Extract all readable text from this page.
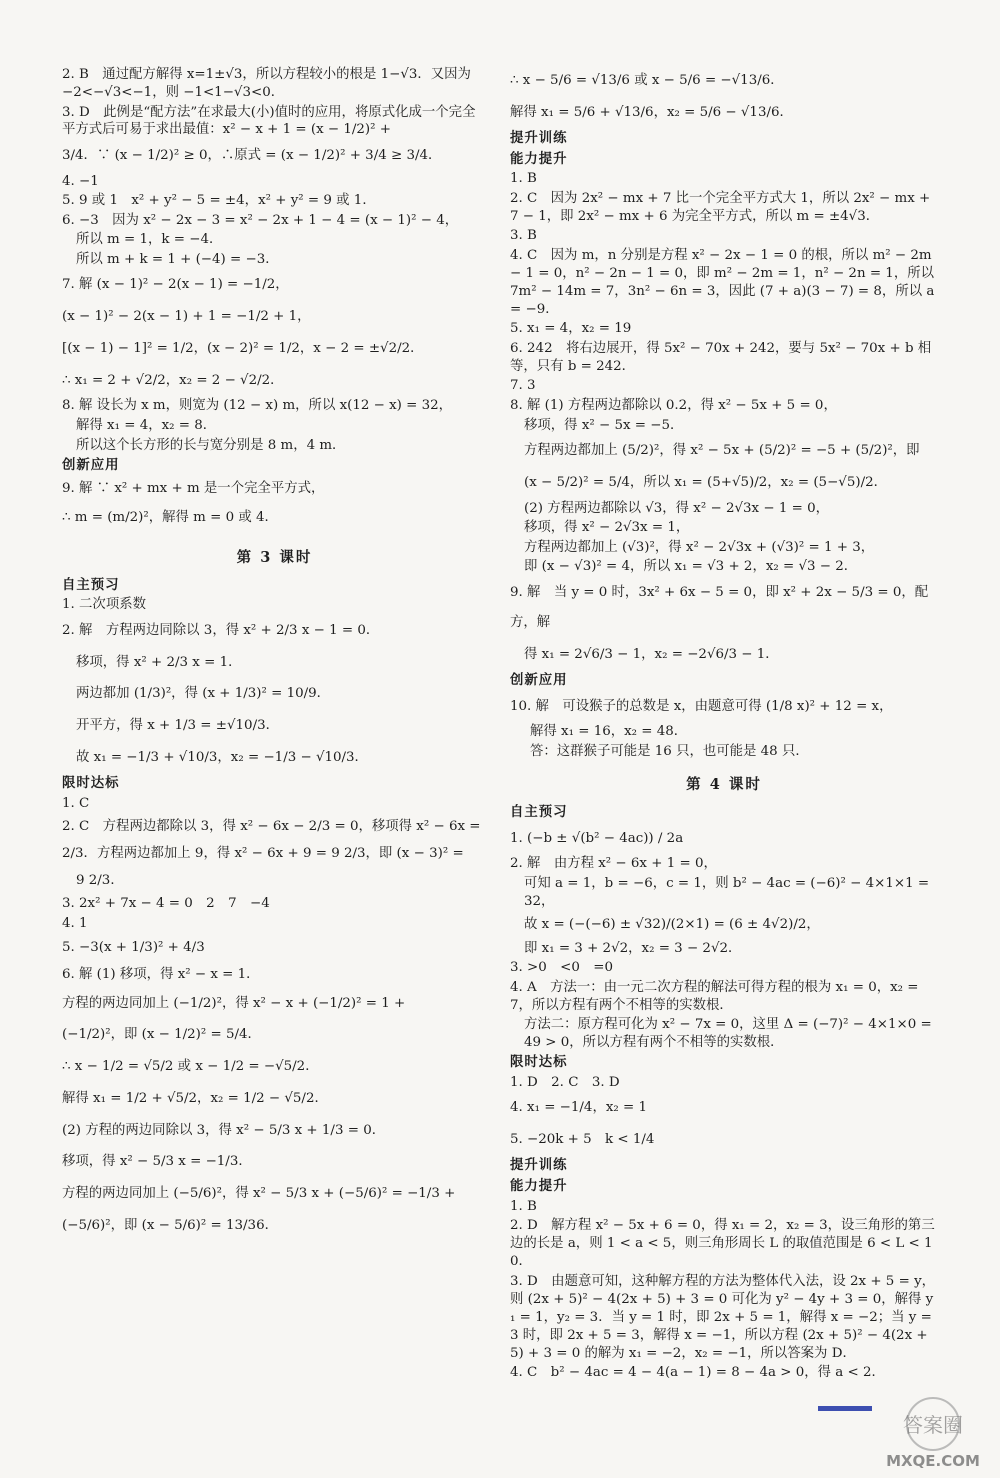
2. B　通过配方解得 x=1±√3，所以方程较小的根是 1−√3．又因为 −2<−√3<−1，则 −1<1−√3<0．
3. D　此例是“配方法”在求最大(小)值时的应用，将原式化成一个完全平方式后可易于求出最值：x² − x + 1 = (x − 1/2)² +
3/4．∵ (x − 1/2)² ≥ 0，∴原式 = (x − 1/2)² + 3/4 ≥ 3/4．
4. −1
5. 9 或 1　x² + y² − 5 = ±4，x² + y² = 9 或 1．
6. −3　因为 x² − 2x − 3 = x² − 2x + 1 − 4 = (x − 1)² − 4，
所以 m = 1，k = −4．
所以 m + k = 1 + (−4) = −3．
7. 解 (x − 1)² − 2(x − 1) = −1/2，
(x − 1)² − 2(x − 1) + 1 = −1/2 + 1，
[(x − 1) − 1]² = 1/2，(x − 2)² = 1/2，x − 2 = ±√2/2．
∴ x₁ = 2 + √2/2，x₂ = 2 − √2/2．
8. 解 设长为 x m，则宽为 (12 − x) m，所以 x(12 − x) = 32，
解得 x₁ = 4，x₂ = 8．
所以这个长方形的长与宽分别是 8 m，4 m．
创新应用
9. 解 ∵ x² + mx + m 是一个完全平方式，
∴ m = (m/2)²，解得 m = 0 或 4．
第 3 课时
自主预习
1. 二次项系数
2. 解　方程两边同除以 3，得 x² + 2/3 x − 1 = 0．
移项，得 x² + 2/3 x = 1．
两边都加 (1/3)²，得 (x + 1/3)² = 10/9．
开平方，得 x + 1/3 = ±√10/3．
故 x₁ = −1/3 + √10/3，x₂ = −1/3 − √10/3．
限时达标
1. C
2. C　方程两边都除以 3，得 x² − 6x − 2/3 = 0，移项得 x² − 6x =
2/3．方程两边都加上 9，得 x² − 6x + 9 = 9 2/3，即 (x − 3)² =
9 2/3．
3. 2x² + 7x − 4 = 0　2　7　−4
4. 1
5. −3(x + 1/3)² + 4/3
6. 解 (1) 移项，得 x² − x = 1．
方程的两边同加上 (−1/2)²，得 x² − x + (−1/2)² = 1 +
(−1/2)²，即 (x − 1/2)² = 5/4．
∴ x − 1/2 = √5/2 或 x − 1/2 = −√5/2．
解得 x₁ = 1/2 + √5/2，x₂ = 1/2 − √5/2．
(2) 方程的两边同除以 3，得 x² − 5/3 x + 1/3 = 0．
移项，得 x² − 5/3 x = −1/3．
方程的两边同加上 (−5/6)²，得 x² − 5/3 x + (−5/6)² = −1/3 +
(−5/6)²，即 (x − 5/6)² = 13/36．
∴ x − 5/6 = √13/6 或 x − 5/6 = −√13/6．
解得 x₁ = 5/6 + √13/6，x₂ = 5/6 − √13/6．
提升训练
能力提升
1. B
2. C　因为 2x² − mx + 7 比一个完全平方式大 1，所以 2x² − mx + 7 − 1，即 2x² − mx + 6 为完全平方式，所以 m = ±4√3．
3. B
4. C　因为 m，n 分别是方程 x² − 2x − 1 = 0 的根，所以 m² − 2m − 1 = 0，n² − 2n − 1 = 0，即 m² − 2m = 1，n² − 2n = 1，所以 7m² − 14m = 7，3n² − 6n = 3，因此 (7 + a)(3 − 7) = 8，所以 a = −9．
5. x₁ = 4，x₂ = 19
6. 242　将右边展开，得 5x² − 70x + 242，要与 5x² − 70x + b 相等，只有 b = 242．
7. 3
8. 解 (1) 方程两边都除以 0.2，得 x² − 5x + 5 = 0，
移项，得 x² − 5x = −5．
方程两边都加上 (5/2)²，得 x² − 5x + (5/2)² = −5 + (5/2)²，即
(x − 5/2)² = 5/4，所以 x₁ = (5+√5)/2，x₂ = (5−√5)/2．
(2) 方程两边都除以 √3，得 x² − 2√3x − 1 = 0，
移项，得 x² − 2√3x = 1，
方程两边都加上 (√3)²，得 x² − 2√3x + (√3)² = 1 + 3，
即 (x − √3)² = 4，所以 x₁ = √3 + 2，x₂ = √3 − 2．
9. 解　当 y = 0 时，3x² + 6x − 5 = 0，即 x² + 2x − 5/3 = 0，配方，解
得 x₁ = 2√6/3 − 1，x₂ = −2√6/3 − 1．
创新应用
10. 解　可设猴子的总数是 x，由题意可得 (1/8 x)² + 12 = x，
解得 x₁ = 16，x₂ = 48．
答：这群猴子可能是 16 只，也可能是 48 只．
第 4 课时
自主预习
1. (−b ± √(b² − 4ac)) / 2a
2. 解　由方程 x² − 6x + 1 = 0，
可知 a = 1，b = −6，c = 1，则 b² − 4ac = (−6)² − 4×1×1 = 32，
故 x = (−(−6) ± √32)/(2×1) = (6 ± 4√2)/2，
即 x₁ = 3 + 2√2，x₂ = 3 − 2√2．
3. >0　<0　=0
4. A　方法一：由一元二次方程的解法可得方程的根为 x₁ = 0，x₂ = 7，所以方程有两个不相等的实数根．
方法二：原方程可化为 x² − 7x = 0，这里 Δ = (−7)² − 4×1×0 = 49 > 0，所以方程有两个不相等的实数根．
限时达标
1. D　2. C　3. D
4. x₁ = −1/4，x₂ = 1
5. −20k + 5　k < 1/4
提升训练
能力提升
1. B
2. D　解方程 x² − 5x + 6 = 0，得 x₁ = 2，x₂ = 3，设三角形的第三边的长是 a，则 1 < a < 5，则三角形周长 L 的取值范围是 6 < L < 10．
3. D　由题意可知，这种解方程的方法为整体代入法，设 2x + 5 = y，则 (2x + 5)² − 4(2x + 5) + 3 = 0 可化为 y² − 4y + 3 = 0，解得 y₁ = 1，y₂ = 3．当 y = 1 时，即 2x + 5 = 1，解得 x = −2；当 y = 3 时，即 2x + 5 = 3，解得 x = −1，所以方程 (2x + 5)² − 4(2x + 5) + 3 = 0 的解为 x₁ = −2，x₂ = −1，所以答案为 D．
4. C　b² − 4ac = 4 − 4(a − 1) = 8 − 4a > 0，得 a < 2．
答案圈
MXQE.COM
